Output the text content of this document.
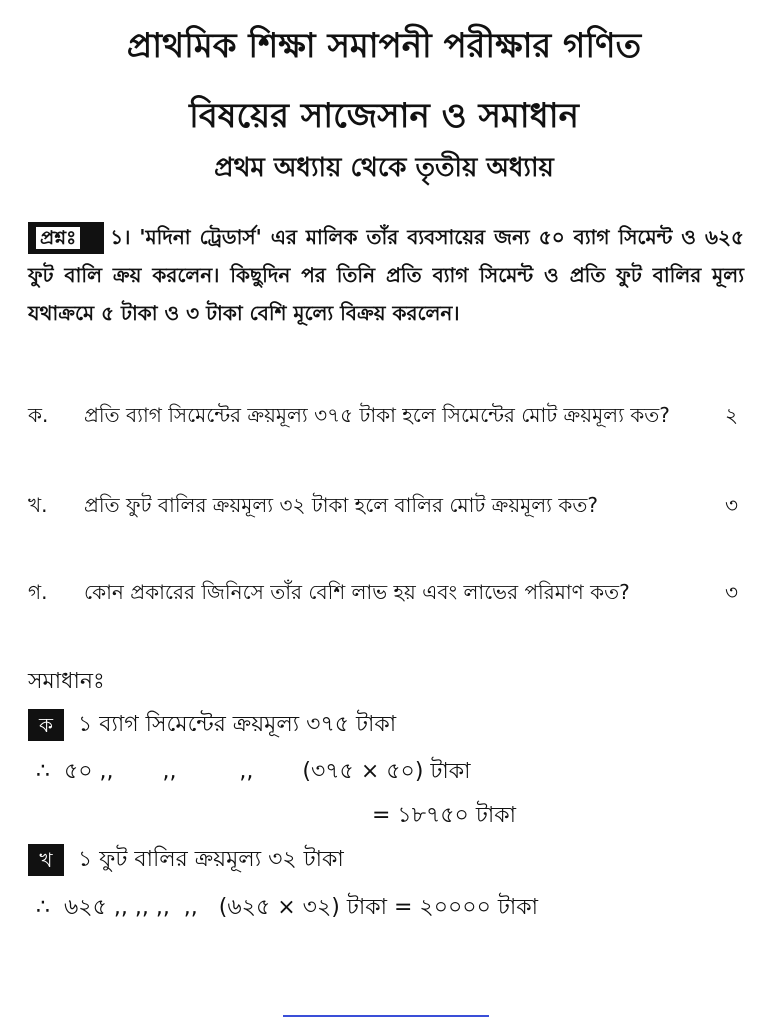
প্রাথমিক শিক্ষা সমাপনী পরীক্ষার গণিত
বিষয়ের সাজেসান ও সমাধান
প্রথম অধ্যায় থেকে তৃতীয় অধ্যায়
প্রশ্নঃ ১। 'মদিনা ট্রেডার্স' এর মালিক তাঁর ব্যবসায়ের জন্য ৫০ ব্যাগ সিমেন্ট ও ৬২৫ ফুট বালি ক্রয় করলেন। কিছুদিন পর তিনি প্রতি ব্যাগ সিমেন্ট ও প্রতি ফুট বালির মূল্য যথাক্রমে ৫ টাকা ও ৩ টাকা বেশি মূল্যে বিক্রয় করলেন।
ক. প্রতি ব্যাগ সিমেন্টের ক্রয়মূল্য ৩৭৫ টাকা হলে সিমেন্টের মোট ক্রয়মূল্য কত?	২
খ. প্রতি ফুট বালির ক্রয়মূল্য ৩২ টাকা হলে বালির মোট ক্রয়মূল্য কত?	৩
গ. কোন প্রকারের জিনিসে তাঁর বেশি লাভ হয় এবং লাভের পরিমাণ কত?	৩
সমাধানঃ
ক ১ ব্যাগ সিমেন্টের ক্রয়মূল্য ৩৭৫ টাকা
∴  ৫০ ,,       ,,         ,,       (৩৭৫ × ৫০) টাকা
= ১৮৭৫০ টাকা
খ ১ ফুট বালির ক্রয়মূল্য ৩২ টাকা
∴  ৬২৫ ,, ,, ,,  ,,   (৬২৫ × ৩২) টাকা = ২০০০০ টাকা
